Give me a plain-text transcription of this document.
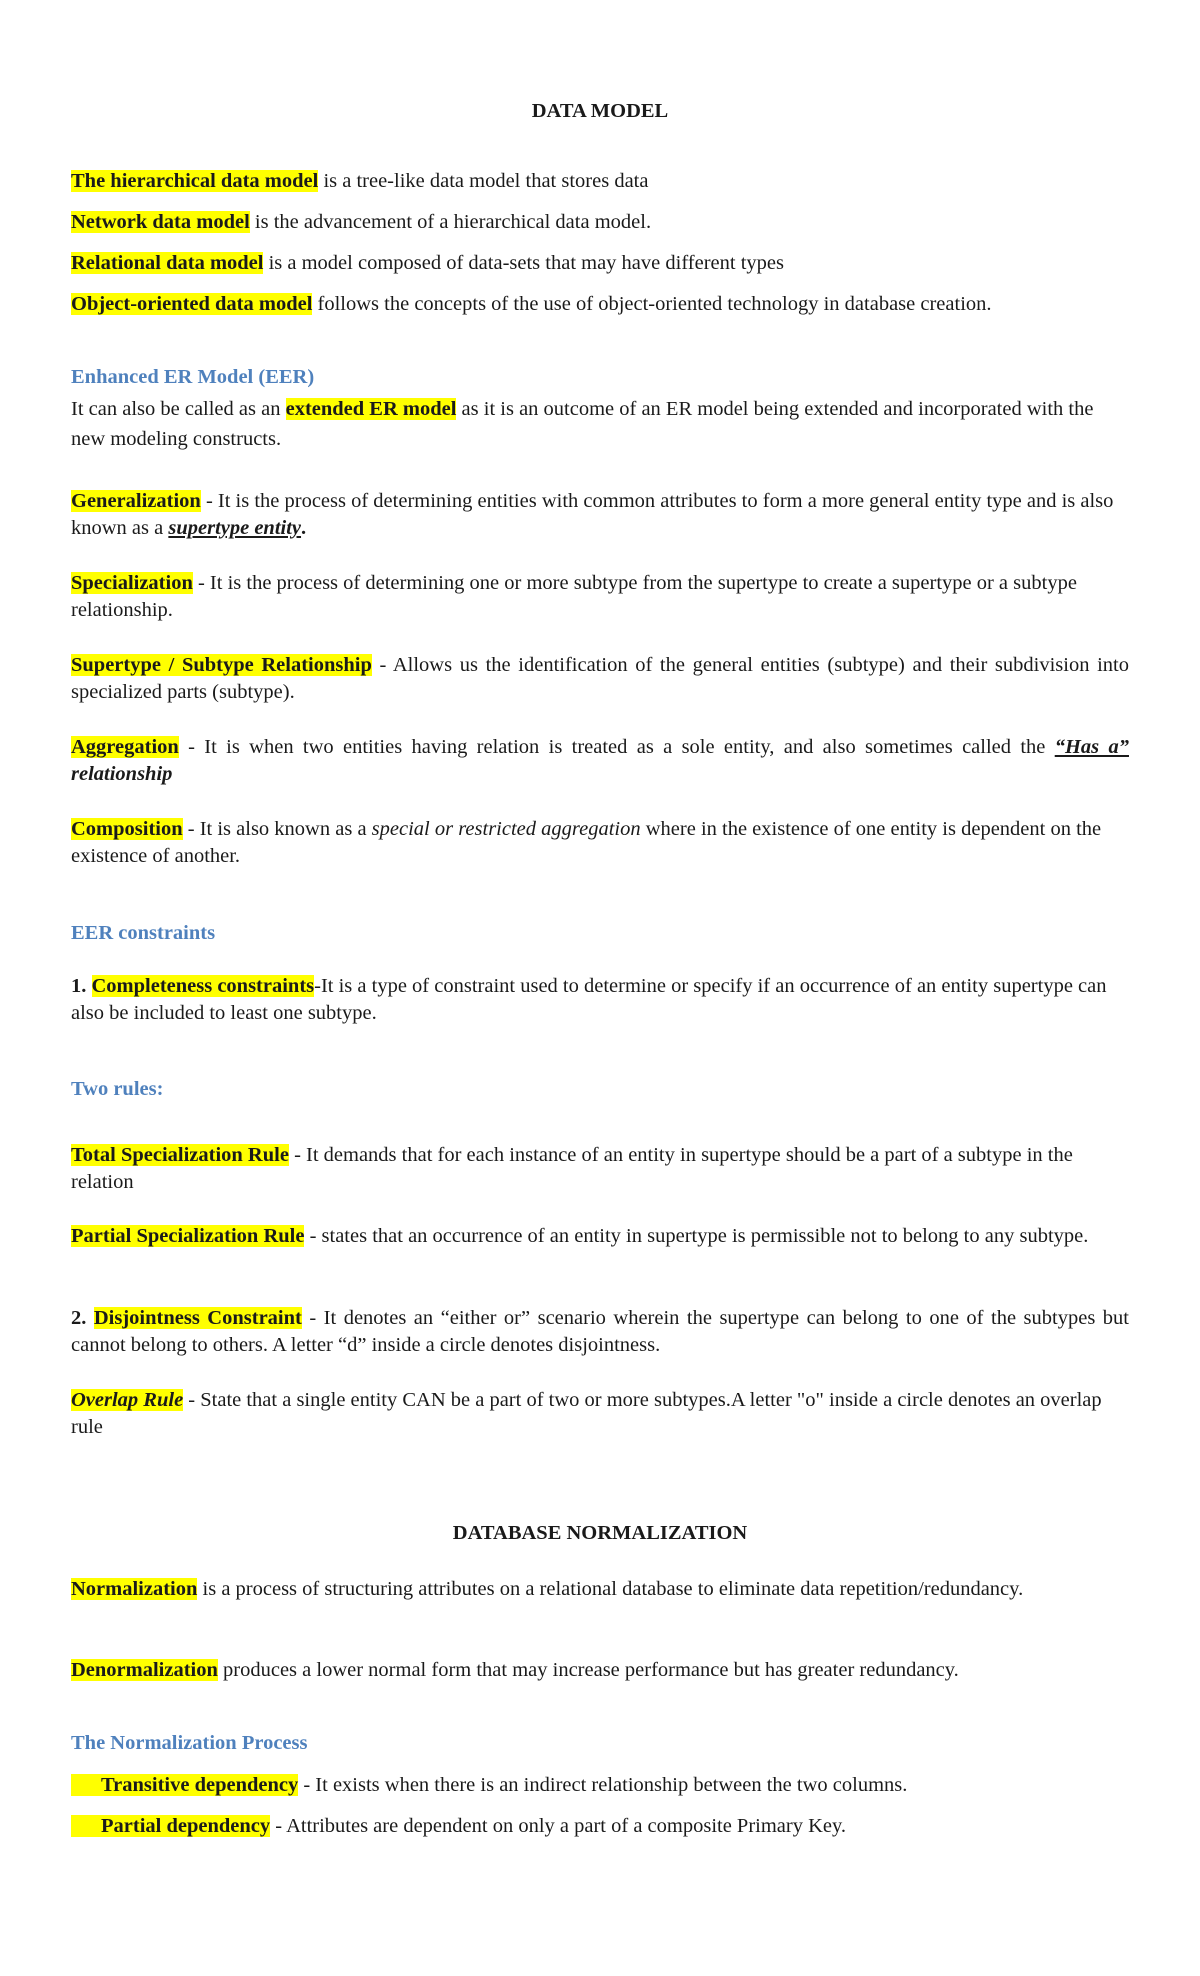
DATA MODEL

The hierarchical data model is a tree-like data model that stores data

Network data model is the advancement of a hierarchical data model.

Relational data model is a model composed of data-sets that may have different types

Object-oriented data model follows the concepts of the use of object-oriented technology in database creation.

Enhanced ER Model (EER)

It can also be called as an extended ER model as it is an outcome of an ER model being extended and incorporated with the new modeling constructs.

Generalization - It is the process of determining entities with common attributes to form a more general entity type and is also known as a supertype entity.

Specialization - It is the process of determining one or more subtype from the supertype to create a supertype or a subtype relationship.

Supertype / Subtype Relationship - Allows us the identification of the general entities (subtype) and their subdivision into specialized parts (subtype).

Aggregation - It is when two entities having relation is treated as a sole entity, and also sometimes called the “Has a” relationship

Composition - It is also known as a special or restricted aggregation where in the existence of one entity is dependent on the existence of another.

EER constraints

1. Completeness constraints-It is a type of constraint used to determine or specify if an occurrence of an entity supertype can also be included to least one subtype.

Two rules:

Total Specialization Rule - It demands that for each instance of an entity in supertype should be a part of a subtype in the relation

Partial Specialization Rule - states that an occurrence of an entity in supertype is permissible not to belong to any subtype.

2. Disjointness Constraint - It denotes an “either or” scenario wherein the supertype can belong to one of the subtypes but cannot belong to others. A letter “d” inside a circle denotes disjointness.

Overlap Rule - State that a single entity CAN be a part of two or more subtypes.A letter "o" inside a circle denotes an overlap rule

DATABASE NORMALIZATION

Normalization is a process of structuring attributes on a relational database to eliminate data repetition/redundancy.

Denormalization produces a lower normal form that may increase performance but has greater redundancy.

The Normalization Process

Transitive dependency - It exists when there is an indirect relationship between the two columns.

Partial dependency - Attributes are dependent on only a part of a composite Primary Key.
